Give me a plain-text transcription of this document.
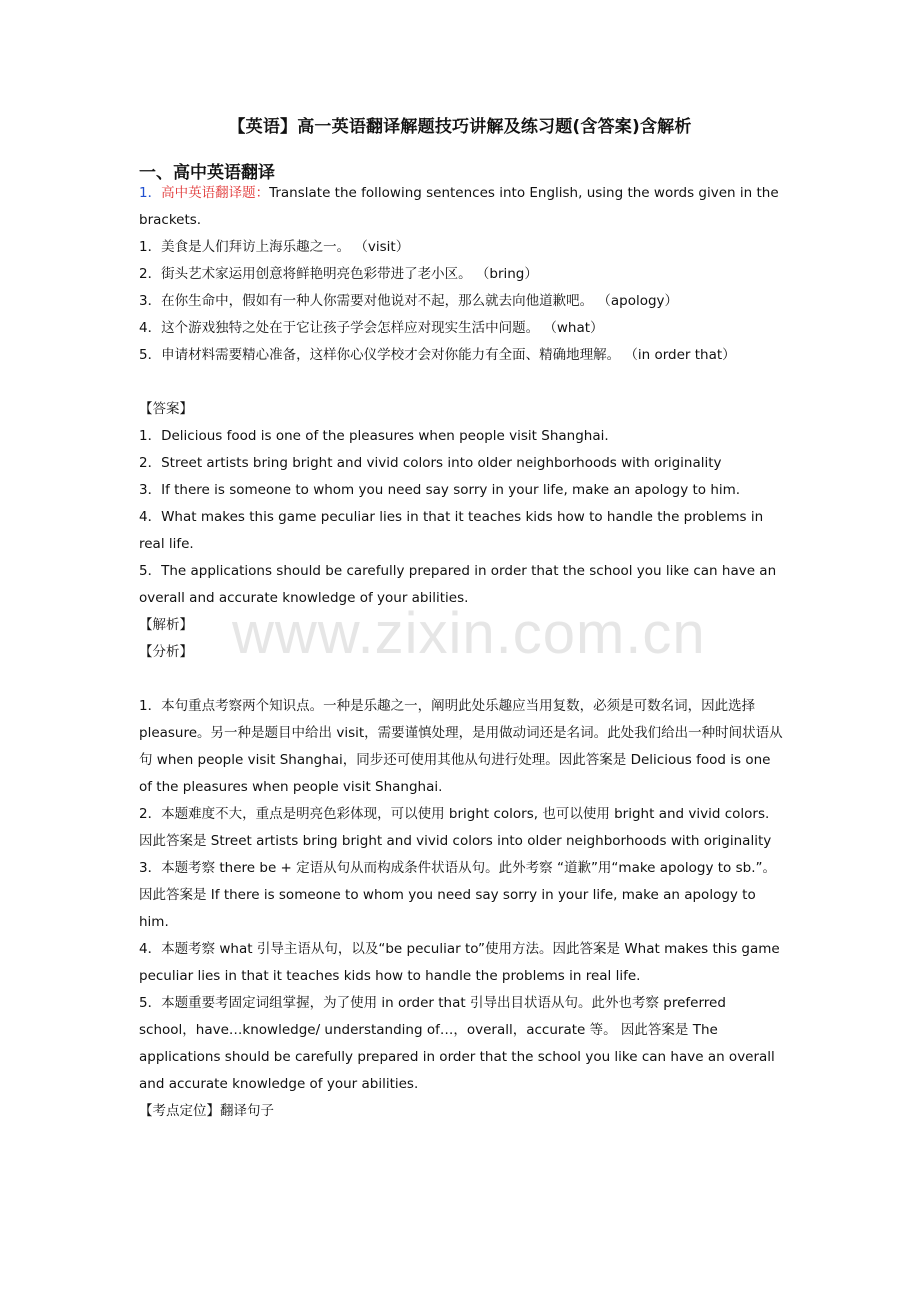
www.zixin.com.cn
【英语】高一英语翻译解题技巧讲解及练习题(含答案)含解析
一、高中英语翻译

1．高中英语翻译题：Translate the following sentences into English, using the words given in the brackets.

1．美食是人们拜访上海乐趣之一。 （visit）

2．街头艺术家运用创意将鲜艳明亮色彩带进了老小区。 （bring）

3．在你生命中，假如有一种人你需要对他说对不起，那么就去向他道歉吧。 （apology）

4．这个游戏独特之处在于它让孩子学会怎样应对现实生活中问题。 （what）

5．申请材料需要精心准备，这样你心仪学校才会对你能力有全面、精确地理解。 （in order that）

【答案】

1．Delicious food is one of the pleasures when people visit Shanghai.

2．Street artists bring bright and vivid colors into older neighborhoods with originality

3．If there is someone to whom you need say sorry in your life, make an apology to him.

4．What makes this game peculiar lies in that it teaches kids how to handle the problems in real life.

5．The applications should be carefully prepared in order that the school you like can have an overall and accurate knowledge of your abilities.

【解析】

【分析】

1．本句重点考察两个知识点。一种是乐趣之一，阐明此处乐趣应当用复数，必须是可数名词，因此选择 pleasure。另一种是题目中给出 visit，需要谨慎处理，是用做动词还是名词。此处我们给出一种时间状语从句 when people visit Shanghai，同步还可使用其他从句进行处理。因此答案是 Delicious food is one of the pleasures when people visit Shanghai.

2．本题难度不大，重点是明亮色彩体现，可以使用 bright colors, 也可以使用 bright and vivid colors. 因此答案是 Street artists bring bright and vivid colors into older neighborhoods with originality

3．本题考察 there be + 定语从句从而构成条件状语从句。此外考察 “道歉”用“make apology to sb.”。 因此答案是 If there is someone to whom you need say sorry in your life, make an apology to him.

4．本题考察 what 引导主语从句，以及“be peculiar to”使用方法。因此答案是 What makes this game peculiar lies in that it teaches kids how to handle the problems in real life.

5．本题重要考固定词组掌握，为了使用 in order that 引导出目状语从句。此外也考察 preferred school，have…knowledge/ understanding of…，overall，accurate 等。 因此答案是 The applications should be carefully prepared in order that the school you like can have an overall and accurate knowledge of your abilities.

【考点定位】翻译句子
